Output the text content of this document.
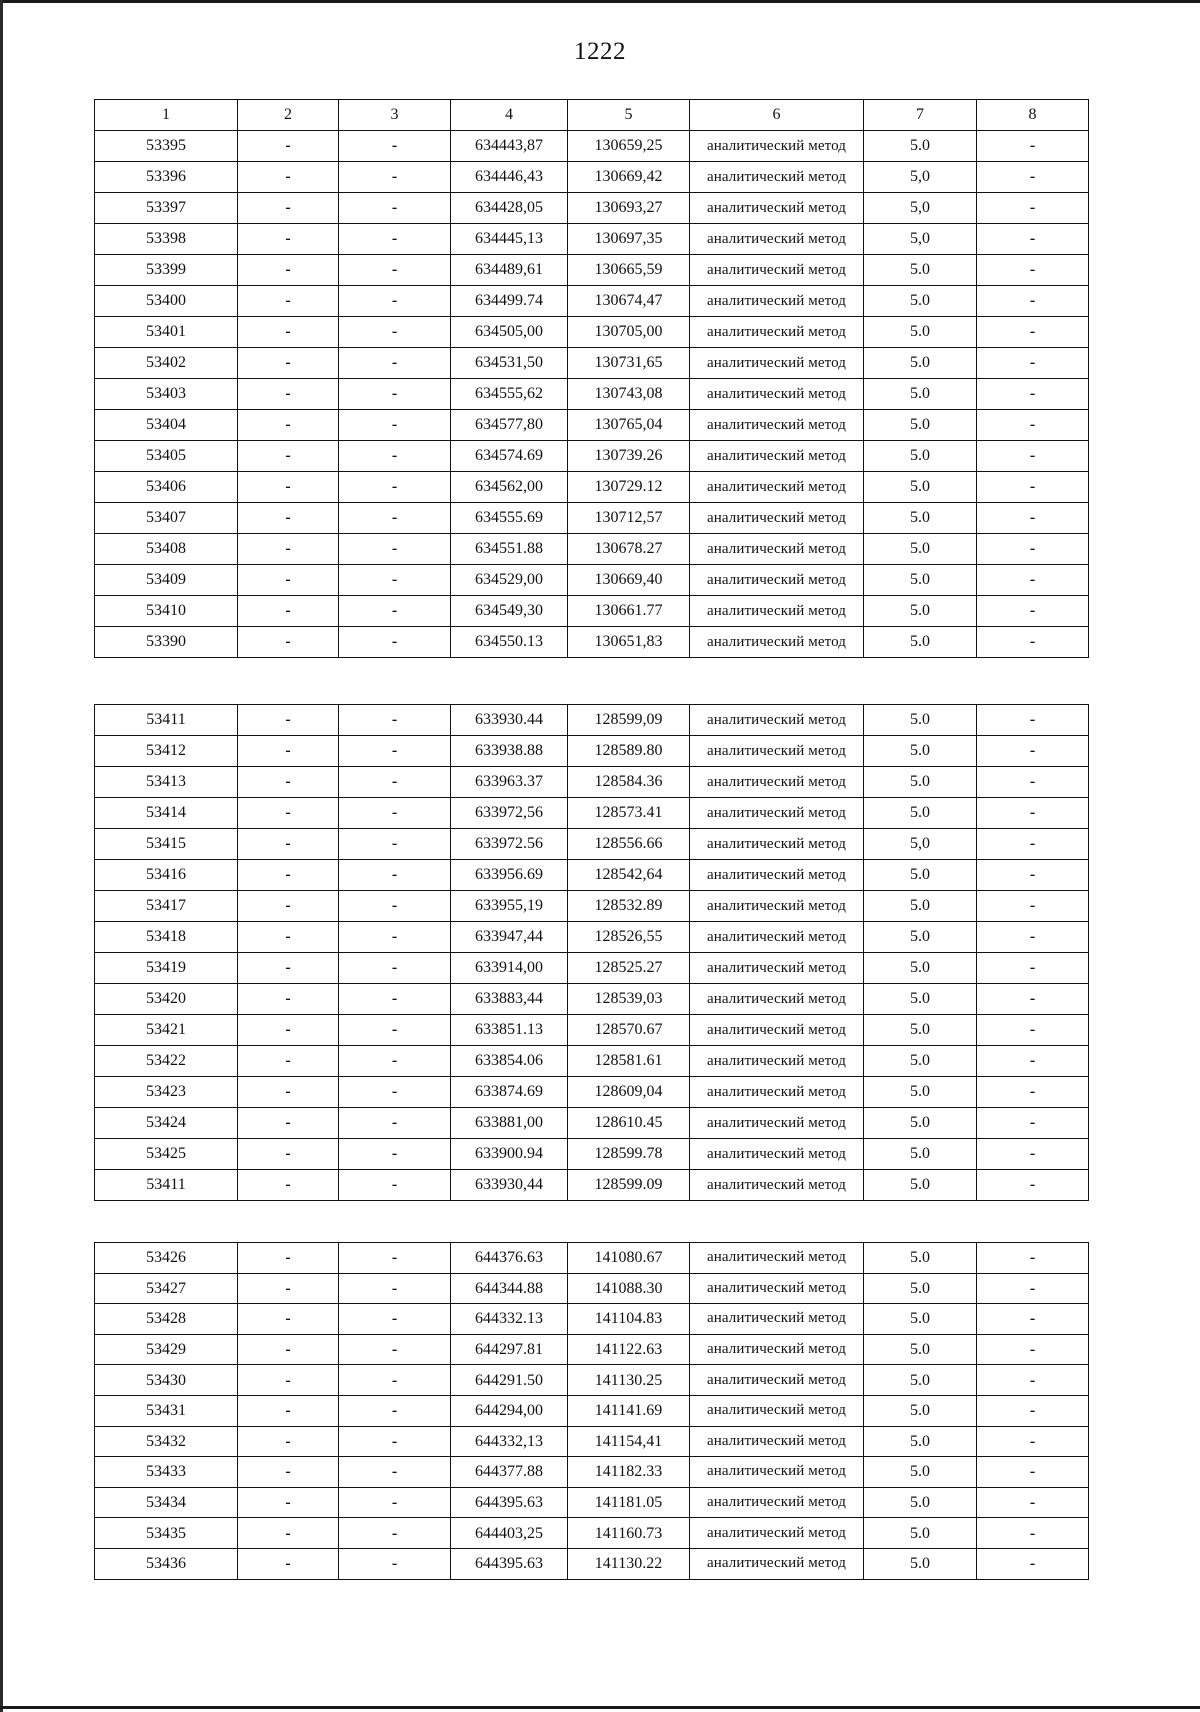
1222
1	2	3	4	5	6	7	8
53395	-	-	634443,87	130659,25	аналитический метод	5.0	-
53396	-	-	634446,43	130669,42	аналитический метод	5,0	-
53397	-	-	634428,05	130693,27	аналитический метод	5,0	-
53398	-	-	634445,13	130697,35	аналитический метод	5,0	-
53399	-	-	634489,61	130665,59	аналитический метод	5.0	-
53400	-	-	634499.74	130674,47	аналитический метод	5.0	-
53401	-	-	634505,00	130705,00	аналитический метод	5.0	-
53402	-	-	634531,50	130731,65	аналитический метод	5.0	-
53403	-	-	634555,62	130743,08	аналитический метод	5.0	-
53404	-	-	634577,80	130765,04	аналитический метод	5.0	-
53405	-	-	634574.69	130739.26	аналитический метод	5.0	-
53406	-	-	634562,00	130729.12	аналитический метод	5.0	-
53407	-	-	634555.69	130712,57	аналитический метод	5.0	-
53408	-	-	634551.88	130678.27	аналитический метод	5.0	-
53409	-	-	634529,00	130669,40	аналитический метод	5.0	-
53410	-	-	634549,30	130661.77	аналитический метод	5.0	-
53390	-	-	634550.13	130651,83	аналитический метод	5.0	-
53411	-	-	633930.44	128599,09	аналитический метод	5.0	-
53412	-	-	633938.88	128589.80	аналитический метод	5.0	-
53413	-	-	633963.37	128584.36	аналитический метод	5.0	-
53414	-	-	633972,56	128573.41	аналитический метод	5.0	-
53415	-	-	633972.56	128556.66	аналитический метод	5,0	-
53416	-	-	633956.69	128542,64	аналитический метод	5.0	-
53417	-	-	633955,19	128532.89	аналитический метод	5.0	-
53418	-	-	633947,44	128526,55	аналитический метод	5.0	-
53419	-	-	633914,00	128525.27	аналитический метод	5.0	-
53420	-	-	633883,44	128539,03	аналитический метод	5.0	-
53421	-	-	633851.13	128570.67	аналитический метод	5.0	-
53422	-	-	633854.06	128581.61	аналитический метод	5.0	-
53423	-	-	633874.69	128609,04	аналитический метод	5.0	-
53424	-	-	633881,00	128610.45	аналитический метод	5.0	-
53425	-	-	633900.94	128599.78	аналитический метод	5.0	-
53411	-	-	633930,44	128599.09	аналитический метод	5.0	-
53426	-	-	644376.63	141080.67	аналитический метод	5.0	-
53427	-	-	644344.88	141088.30	аналитический метод	5.0	-
53428	-	-	644332.13	141104.83	аналитический метод	5.0	-
53429	-	-	644297.81	141122.63	аналитический метод	5.0	-
53430	-	-	644291.50	141130.25	аналитический метод	5.0	-
53431	-	-	644294,00	141141.69	аналитический метод	5.0	-
53432	-	-	644332,13	141154,41	аналитический метод	5.0	-
53433	-	-	644377.88	141182.33	аналитический метод	5.0	-
53434	-	-	644395.63	141181.05	аналитический метод	5.0	-
53435	-	-	644403,25	141160.73	аналитический метод	5.0	-
53436	-	-	644395.63	141130.22	аналитический метод	5.0	-
